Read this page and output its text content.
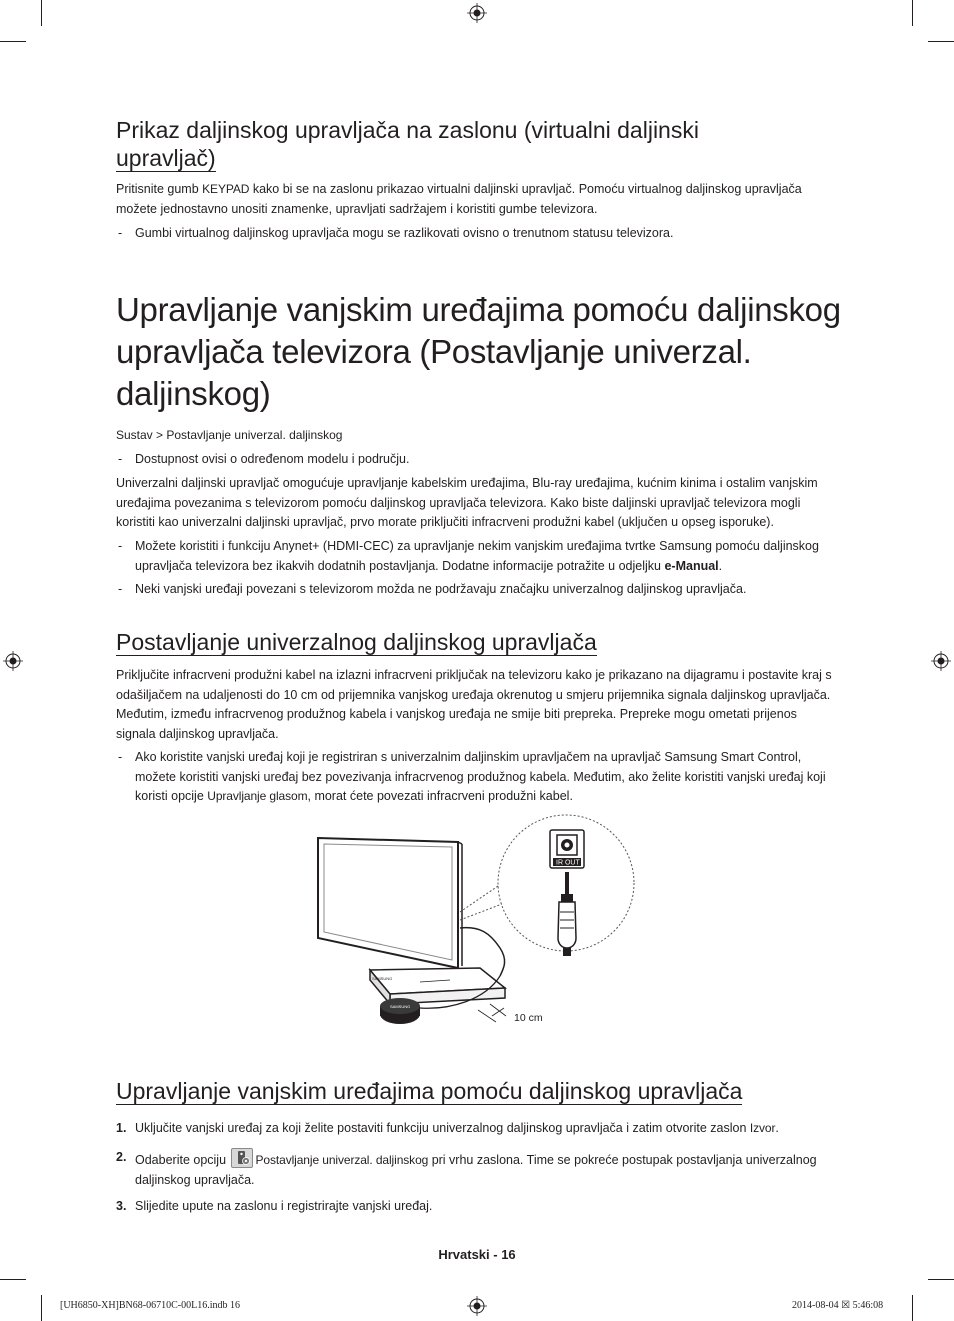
Prikaz daljinskog upravljača na zaslonu (virtualni daljinski
upravljač)

Pritisnite gumb KEYPAD kako bi se na zaslonu prikazao virtualni daljinski upravljač. Pomoću virtualnog daljinskog upravljača možete jednostavno unositi znamenke, upravljati sadržajem i koristiti gumbe televizora.

- Gumbi virtualnog daljinskog upravljača mogu se razlikovati ovisno o trenutnom statusu televizora.
Upravljanje vanjskim uređajima pomoću daljinskog
upravljača televizora (Postavljanje univerzal.
daljinskog)

Sustav > Postavljanje univerzal. daljinskog

- Dostupnost ovisi o određenom modelu i području.

Univerzalni daljinski upravljač omogućuje upravljanje kabelskim uređajima, Blu-ray uređajima, kućnim kinima i ostalim vanjskim uređajima povezanima s televizorom pomoću daljinskog upravljača televizora. Kako biste daljinski upravljač televizora mogli koristiti kao univerzalni daljinski upravljač, prvo morate priključiti infracrveni produžni kabel (uključen u opseg isporuke).

- Možete koristiti i funkciju Anynet+ (HDMI-CEC) za upravljanje nekim vanjskim uređajima tvrtke Samsung pomoću daljinskog upravljača televizora bez ikakvih dodatnih postavljanja. Dodatne informacije potražite u odjeljku e-Manual.
- Neki vanjski uređaji povezani s televizorom možda ne podržavaju značajku univerzalnog daljinskog upravljača.
Postavljanje univerzalnog daljinskog upravljača

Priključite infracrveni produžni kabel na izlazni infracrveni priključak na televizoru kako je prikazano na dijagramu i postavite kraj s odašiljačem na udaljenosti do 10 cm od prijemnika vanjskog uređaja okrenutog u smjeru prijemnika signala daljinskog upravljača. Međutim, između infracrvenog produžnog kabela i vanjskog uređaja ne smije biti prepreka. Prepreke mogu ometati prijenos signala daljinskog upravljača.

- Ako koristite vanjski uređaj koji je registriran s univerzalnim daljinskim upravljačem na upravljač Samsung Smart Control, možete koristiti vanjski uređaj bez povezivanja infracrvenog produžnog kabela. Međutim, ako želite koristiti vanjski uređaj koji koristi opcije Upravljanje glasom, morat ćete povezati infracrveni produžni kabel.
SAMSUNG
SAMSUNG
10 cm
IR OUT
Upravljanje vanjskim uređajima pomoću daljinskog upravljača
1. Uključite vanjski uređaj za koji želite postaviti funkciju univerzalnog daljinskog upravljača i zatim otvorite zaslon Izvor.
2. Odaberite opciju
Postavljanje univerzal. daljinskog pri vrhu zaslona. Time se pokreće postupak postavljanja univerzalnog daljinskog upravljača.
3. Slijedite upute na zaslonu i registrirajte vanjski uređaj.
Hrvatski - 16
[UH6850-XH]BN68-06710C-00L16.indb 16	2014-08-04 ☒ 5:46:08
